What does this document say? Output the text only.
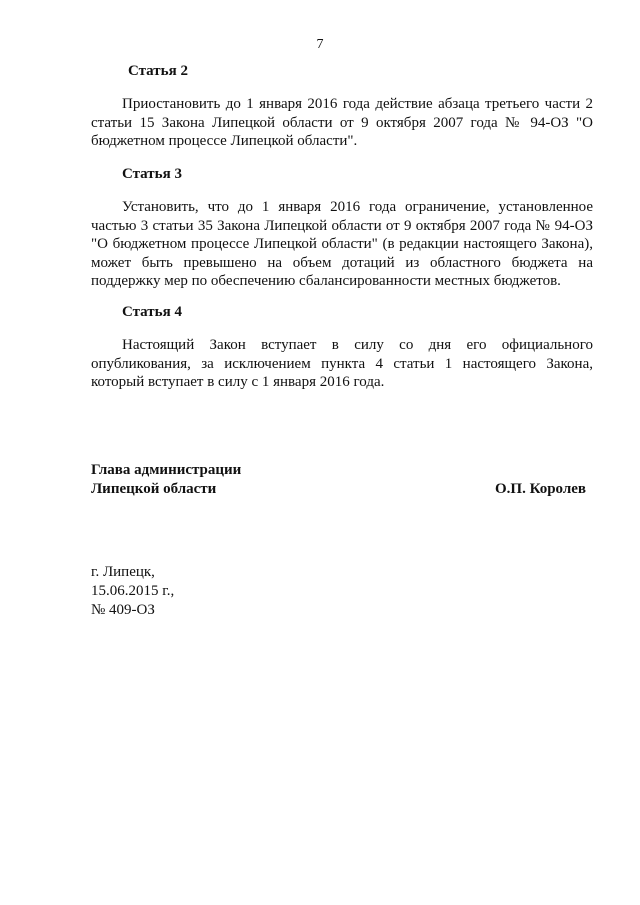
7
Статья 2
Приостановить до 1 января 2016 года действие абзаца третьего части 2
статьи 15 Закона Липецкой области от 9 октября 2007 года № 94-ОЗ "О
бюджетном процессе Липецкой области".
Статья 3
Установить, что до 1 января 2016 года ограничение, установленное
частью 3 статьи 35 Закона Липецкой области от 9 октября 2007 года № 94-ОЗ
"О бюджетном процессе Липецкой области" (в редакции настоящего Закона),
может быть превышено на объем дотаций из областного бюджета на
поддержку мер по обеспечению сбалансированности местных бюджетов.
Статья 4
Настоящий Закон вступает в силу со дня его официального
опубликования, за исключением пункта 4 статьи 1 настоящего Закона,
который вступает в силу с 1 января 2016 года.
Глава администрации
Липецкой области	О.П. Королев
г. Липецк,
15.06.2015 г.,
№ 409-ОЗ
